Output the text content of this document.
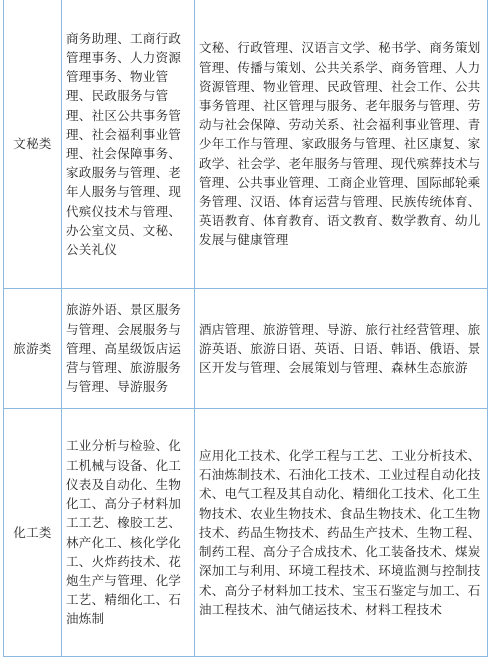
文秘类	商务助理、工商行政管理事务、人力资源管理事务、物业管理、民政服务与管理、社区公共事务管理、社会福利事业管理、社会保障事务、家政服务与管理、老年人服务与管理、现代殡仪技术与管理、办公室文员、文秘、公关礼仪	文秘、行政管理、汉语言文学、秘书学、商务策划管理、传播与策划、公共关系学、商务管理、人力资源管理、物业管理、民政管理、社会工作、公共事务管理、社区管理与服务、老年服务与管理、劳动与社会保障、劳动关系、社会福利事业管理、青少年工作与管理、家政服务与管理、社区康复、家政学、社会学、老年服务与管理、现代殡葬技术与管理、公共事业管理、工商企业管理、国际邮轮乘务管理、汉语、体育运营与管理、民族传统体育、英语教育、体育教育、语文教育、数学教育、幼儿发展与健康管理
旅游类	旅游外语、景区服务与管理、会展服务与管理、高星级饭店运营与管理、旅游服务与管理、导游服务	酒店管理、旅游管理、导游、旅行社经营管理、旅游英语、旅游日语、英语、日语、韩语、俄语、景区开发与管理、会展策划与管理、森林生态旅游
化工类	工业分析与检验、化工机械与设备、化工仪表及自动化、生物化工、高分子材料加工工艺、橡胶工艺、林产化工、核化学化工、火炸药技术、花炮生产与管理、化学工艺、精细化工、石油炼制	应用化工技术、化学工程与工艺、工业分析技术、石油炼制技术、石油化工技术、工业过程自动化技术、电气工程及其自动化、精细化工技术、化工生物技术、农业生物技术、食品生物技术、化工生物技术、药品生物技术、药品生产技术、生物工程、制药工程、高分子合成技术、化工装备技术、煤炭深加工与利用、环境工程技术、环境监测与控制技术、高分子材料加工技术、宝玉石鉴定与加工、石油工程技术、油气储运技术、材料工程技术
